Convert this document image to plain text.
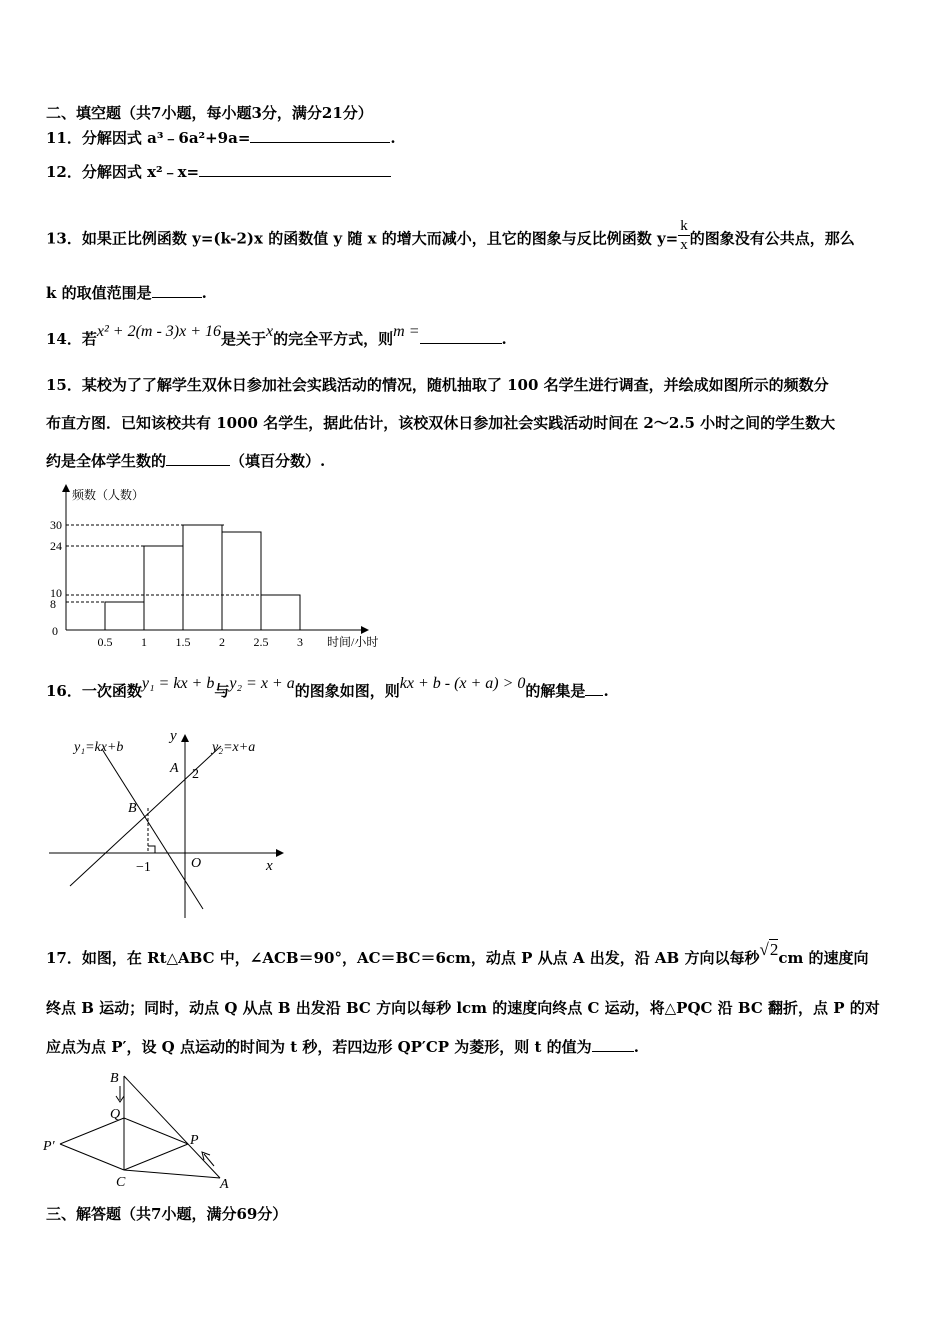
二、填空题（共7小题，每小题3分，满分21分）
11．分解因式 a³﹣6a²+9a=	.
12．分解因式 x²﹣x=
13．如果正比例函数 y=(k-2)x 的函数值 y 随 x 的增大而减小，且它的图象与反比例函数 $y= \frac{k}{x}$ 的图象没有公共点，那么
k 的取值范围是	.
14．若x² + 2(m - 3)x + 16是关于x的完全平方式，则m =	.
15．某校为了了解学生双休日参加社会实践活动的情况，随机抽取了 100 名学生进行调查，并绘成如图所示的频数分
布直方图．已知该校共有 1000 名学生，据此估计，该校双休日参加社会实践活动时间在 2～2.5 小时之间的学生数大
约是全体学生数的	（填百分数）.
频数（人数）
时间/小时
0
8
10
24
30
0.5 1 1.5 2 2.5 3
16．一次函数y₁ = kx + b与y₂ = x + a的图象如图，则kx + b - (x + a) > 0的解集是 .
y₁=kx+b	y₂=x+a
y
x
O
A 2
B
−1
17．如图，在 Rt△ABC 中，∠ACB＝90°，AC＝BC＝6cm，动点 P 从点 A 出发，沿 AB 方向以每秒√2cm 的速度向
终点 B 运动；同时，动点 Q 从点 B 出发沿 BC 方向以每秒 lcm 的速度向终点 C 运动，将△PQC 沿 BC 翻折，点 P 的对
应点为点 P′，设 Q 点运动的时间为 t 秒，若四边形 QP′CP 为菱形，则 t 的值为	.
B
Q
P′	P
C	A
三、解答题（共7小题，满分69分）
